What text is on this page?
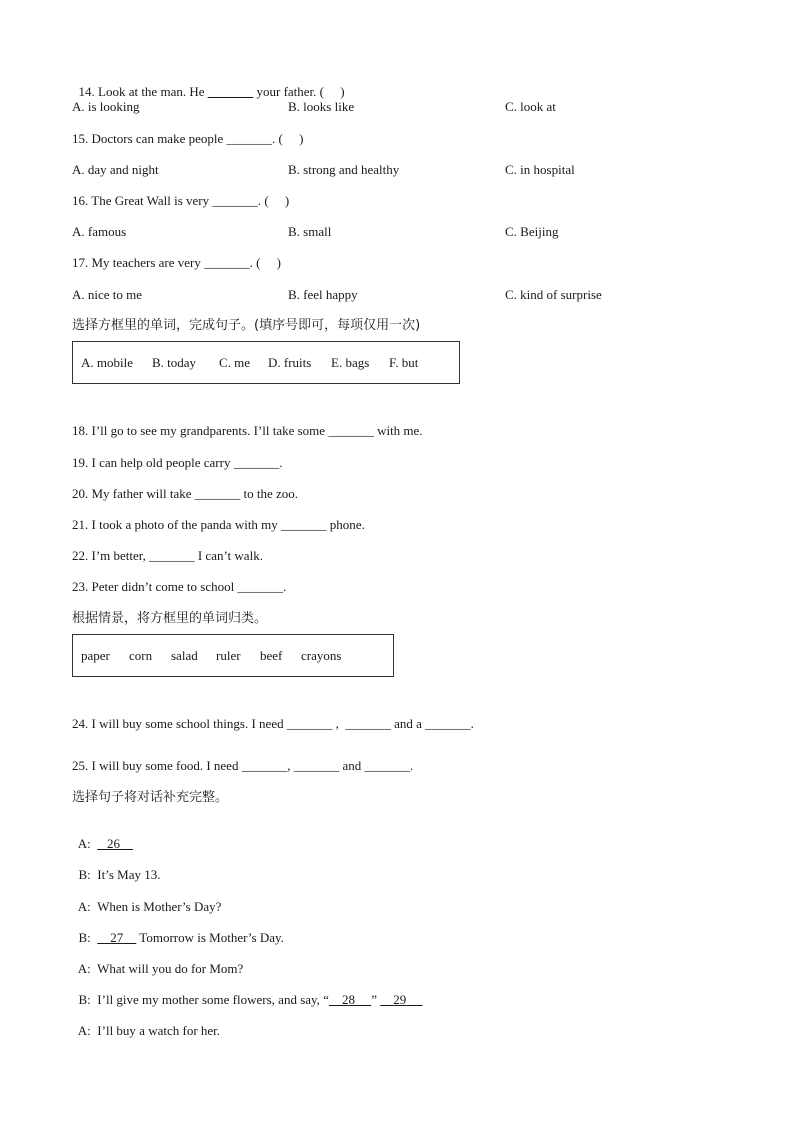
14. Look at the man. He _______ your father. (     )

A. is looking	B. looks like	C. look at
15. Doctors can make people _______. (     )
A. day and night	B. strong and healthy	C. in hospital
16. The Great Wall is very _______. (     )
A. famous	B. small	C. Beijing
17. My teachers are very _______. (     )
A. nice to me	B. feel happy	C. kind of surprise
选择方框里的单词，完成句子。(填序号即可，每项仅用一次)
A. mobile B. today C. me D. fruits E. bags F. but
18. I’ll go to see my grandparents. I’ll take some _______ with me.
19. I can help old people carry _______.
20. My father will take _______ to the zoo.
21. I took a photo of the panda with my _______ phone.
22. I’m better, _______ I can’t walk.
23. Peter didn’t come to school _______.
根据情景，将方框里的单词归类。
paper corn salad ruler beef crayons
24. I will buy some school things. I need _______ ,  _______ and a _______.
25. I will buy some food. I need _______, _______ and _______.
选择句子将对话补充完整。

A: 26

B: It’s May 13.

A: When is Mother’s Day?

B: 27     Tomorrow is Mother’s Day.

A: What will you do for Mom?

B: I’ll give my mother some flowers, and say, “ 28 ”     29

A: I’ll buy a watch for her.
